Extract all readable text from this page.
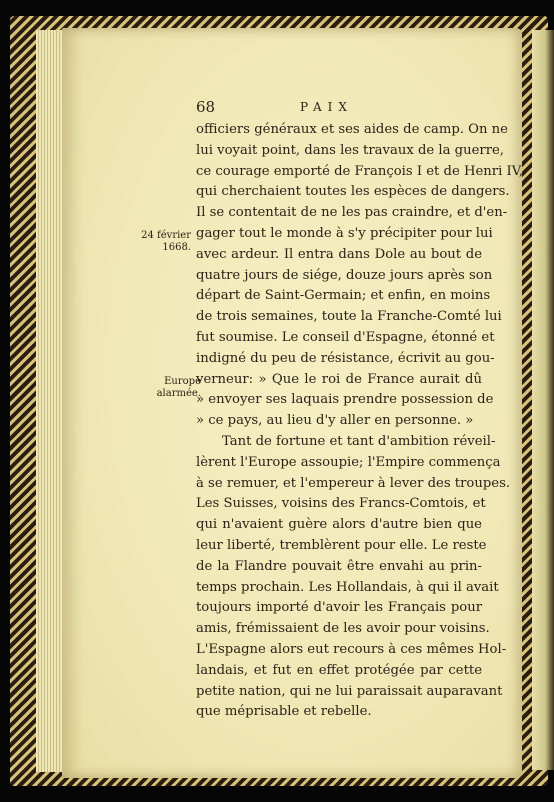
68	PAIX
24 février
1668.
Europe
alarmée.
officiers généraux et ses aides de camp. On ne
lui voyait point, dans les travaux de la guerre,
ce courage emporté de François I et de Henri IV,
qui cherchaient toutes les espèces de dangers.
Il se contentait de ne les pas craindre, et d'en-
gager tout le monde à s'y précipiter pour lui
avec ardeur. Il entra dans Dole au bout de
quatre jours de siége, douze jours après son
départ de Saint-Germain; et enfin, en moins
de trois semaines, toute la Franche-Comté lui
fut soumise. Le conseil d'Espagne, étonné et
indigné du peu de résistance, écrivit au gou-
verneur: » Que le roi de France aurait dû
» envoyer ses laquais prendre possession de
» ce pays, au lieu d'y aller en personne. »
Tant de fortune et tant d'ambition réveil-
lèrent l'Europe assoupie; l'Empire commença
à se remuer, et l'empereur à lever des troupes.
Les Suisses, voisins des Francs-Comtois, et
qui n'avaient guère alors d'autre bien que
leur liberté, tremblèrent pour elle. Le reste
de la Flandre pouvait être envahi au prin-
temps prochain. Les Hollandais, à qui il avait
toujours importé d'avoir les Français pour
amis, frémissaient de les avoir pour voisins.
L'Espagne alors eut recours à ces mêmes Hol-
landais, et fut en effet protégée par cette
petite nation, qui ne lui paraissait auparavant
que méprisable et rebelle.
